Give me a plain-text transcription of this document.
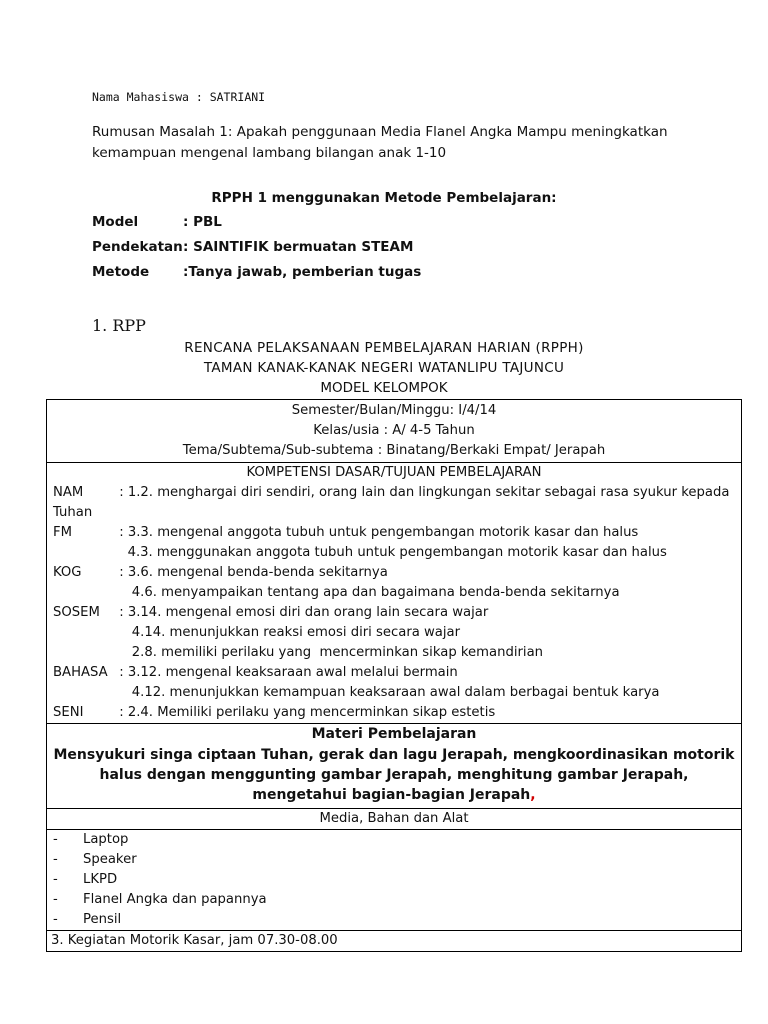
Nama Mahasiswa : SATRIANI
Rumusan Masalah 1: Apakah penggunaan Media Flanel Angka Mampu meningkatkan
kemampuan mengenal lambang bilangan anak 1-10
RPPH 1 menggunakan Metode Pembelajaran:
Model	: PBL
Pendekatan : SAINTIFIK bermuatan STEAM
Metode	:Tanya jawab, pemberian tugas
1. RPP
RENCANA PELAKSANAAN PEMBELAJARAN HARIAN (RPPH)
TAMAN KANAK-KANAK NEGERI WATANLIPU TAJUNCU
MODEL KELOMPOK
Semester/Bulan/Minggu: I/4/14
Kelas/usia : A/ 4-5 Tahun
Tema/Subtema/Sub-subtema : Binatang/Berkaki Empat/ Jerapah

KOMPETENSI DASAR/TUJUAN PEMBELAJARAN
NAM	: 1.2. menghargai diri sendiri, orang lain dan lingkungan sekitar sebagai rasa syukur kepada
Tuhan
FM	: 3.3. mengenal anggota tubuh untuk pengembangan motorik kasar dan halus
4.3. menggunakan anggota tubuh untuk pengembangan motorik kasar dan halus
KOG	: 3.6. mengenal benda-benda sekitarnya
4.6. menyampaikan tentang apa dan bagaimana benda-benda sekitarnya
SOSEM	: 3.14. mengenal emosi diri dan orang lain secara wajar
4.14. menunjukkan reaksi emosi diri secara wajar
2.8. memiliki perilaku yang  mencerminkan sikap kemandirian
BAHASA : 3.12. mengenal keaksaraan awal melalui bermain
4.12. menunjukkan kemampuan keaksaraan awal dalam berbagai bentuk karya
SENI	: 2.4. Memiliki perilaku yang mencerminkan sikap estetis

Materi Pembelajaran
Mensyukuri singa ciptaan Tuhan, gerak dan lagu Jerapah, mengkoordinasikan motorik halus dengan menggunting gambar Jerapah, menghitung gambar Jerapah, mengetahui bagian-bagian Jerapah,

Media, Bahan dan Alat

-	Laptop
-	Speaker
-	LKPD
-	Flanel Angka dan papannya
-	Pensil

3. Kegiatan Motorik Kasar, jam 07.30-08.00
